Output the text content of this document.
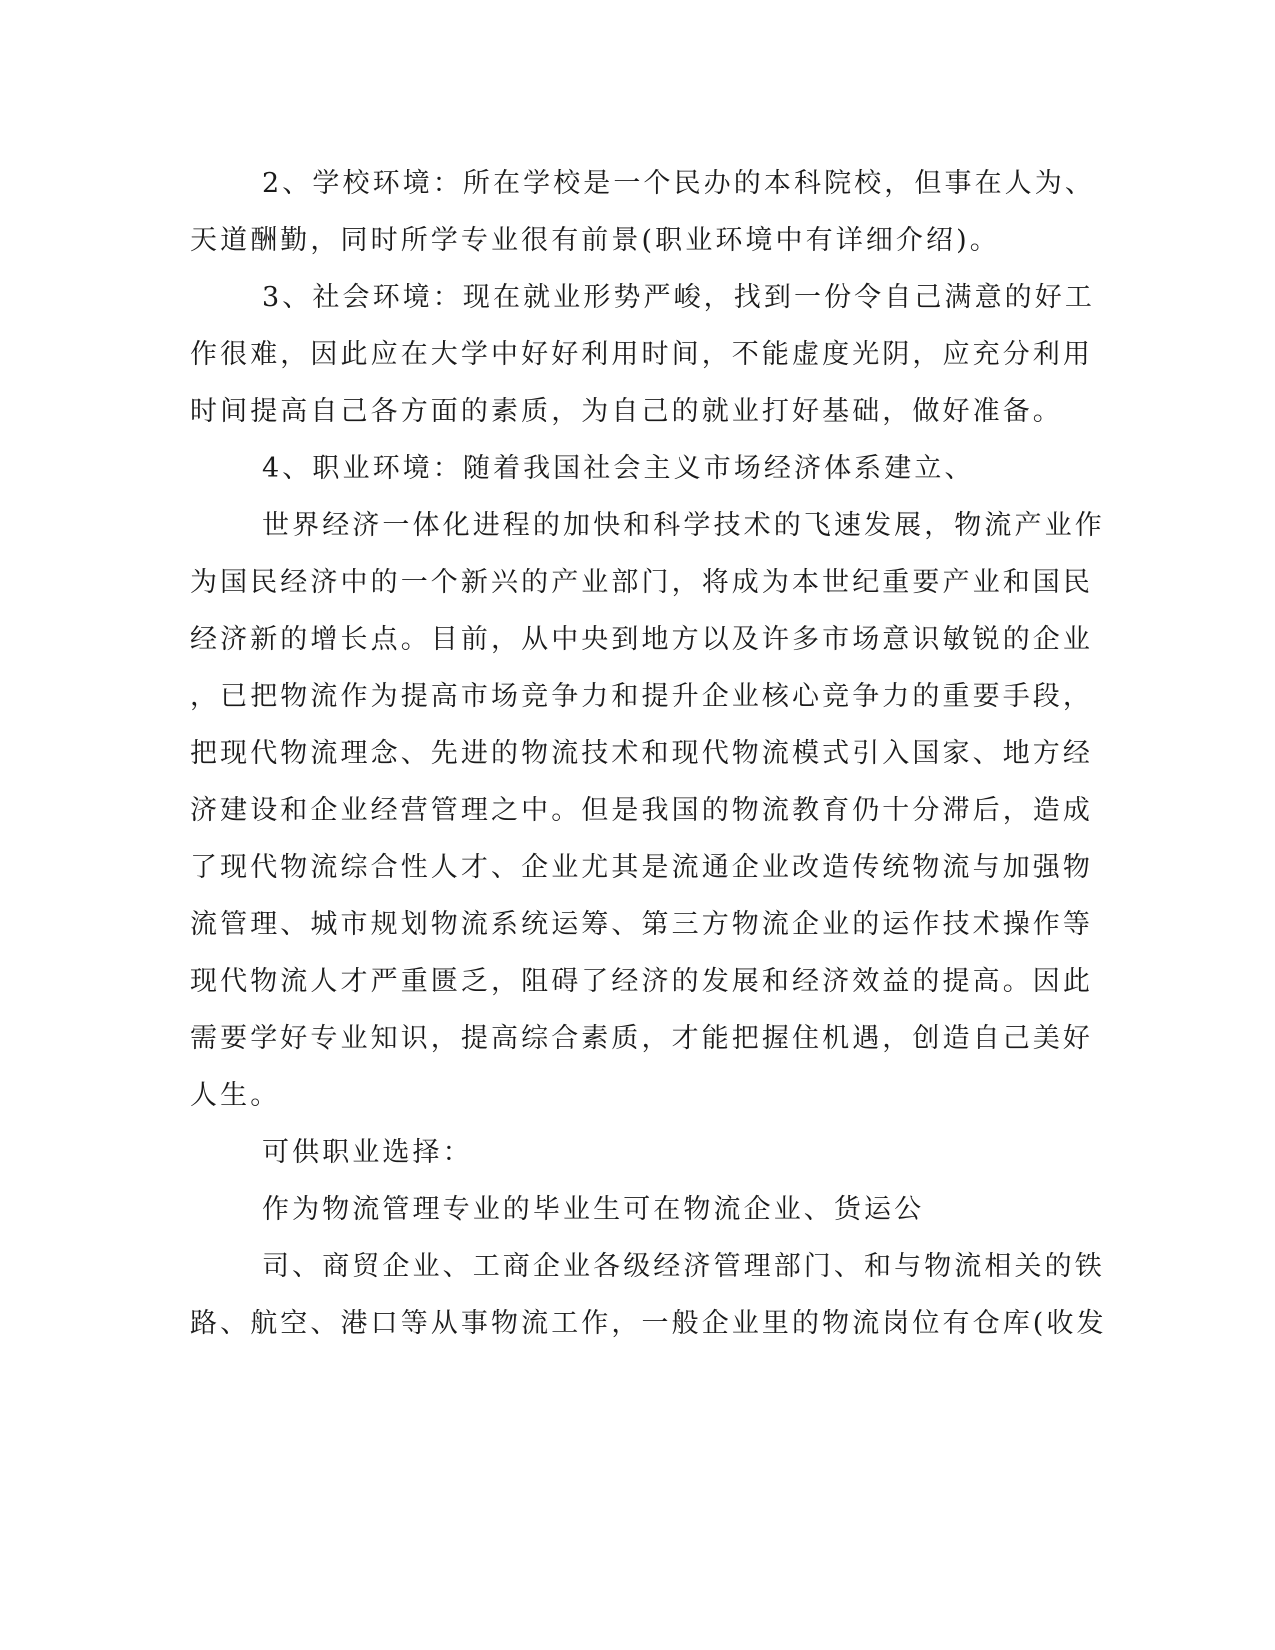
2、学校环境：所在学校是一个民办的本科院校，但事在人为、
天道酬勤，同时所学专业很有前景(职业环境中有详细介绍)。
3、社会环境：现在就业形势严峻，找到一份令自己满意的好工
作很难，因此应在大学中好好利用时间，不能虚度光阴，应充分利用
时间提高自己各方面的素质，为自己的就业打好基础，做好准备。
4、职业环境：随着我国社会主义市场经济体系建立、
世界经济一体化进程的加快和科学技术的飞速发展，物流产业作
为国民经济中的一个新兴的产业部门，将成为本世纪重要产业和国民
经济新的增长点。目前，从中央到地方以及许多市场意识敏锐的企业
，已把物流作为提高市场竞争力和提升企业核心竞争力的重要手段，
把现代物流理念、先进的物流技术和现代物流模式引入国家、地方经
济建设和企业经营管理之中。但是我国的物流教育仍十分滞后，造成
了现代物流综合性人才、企业尤其是流通企业改造传统物流与加强物
流管理、城市规划物流系统运筹、第三方物流企业的运作技术操作等
现代物流人才严重匮乏，阻碍了经济的发展和经济效益的提高。因此
需要学好专业知识，提高综合素质，才能把握住机遇，创造自己美好
人生。
可供职业选择：
作为物流管理专业的毕业生可在物流企业、货运公
司、商贸企业、工商企业各级经济管理部门、和与物流相关的铁
路、航空、港口等从事物流工作，一般企业里的物流岗位有仓库(收发
